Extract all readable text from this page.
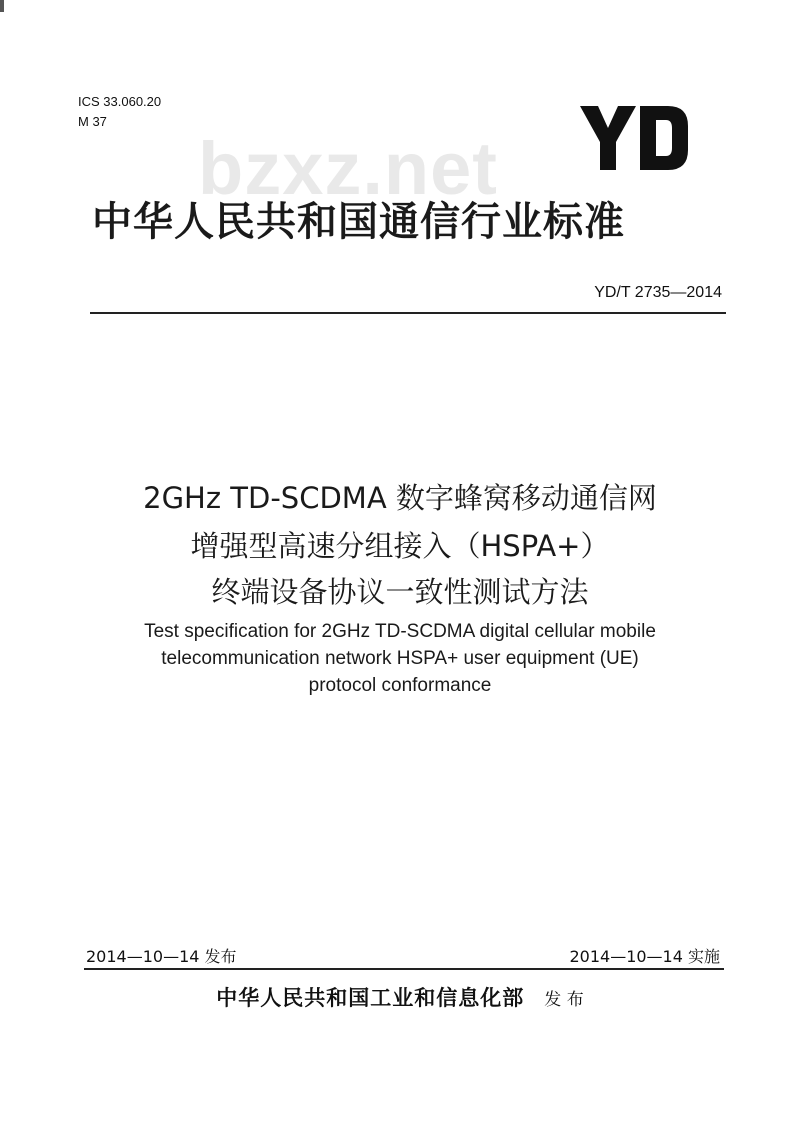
ICS 33.060.20
M 37
bzxz.net
中华人民共和国通信行业标准
YD/T 2735—2014
2GHz TD-SCDMA 数字蜂窝移动通信网
增强型高速分组接入（HSPA+）
终端设备协议一致性测试方法
Test specification for 2GHz TD-SCDMA digital cellular mobile
telecommunication network HSPA+ user equipment (UE)
protocol conformance
2014—10—14 发布	2014—10—14 实施
中华人民共和国工业和信息化部 发 布
